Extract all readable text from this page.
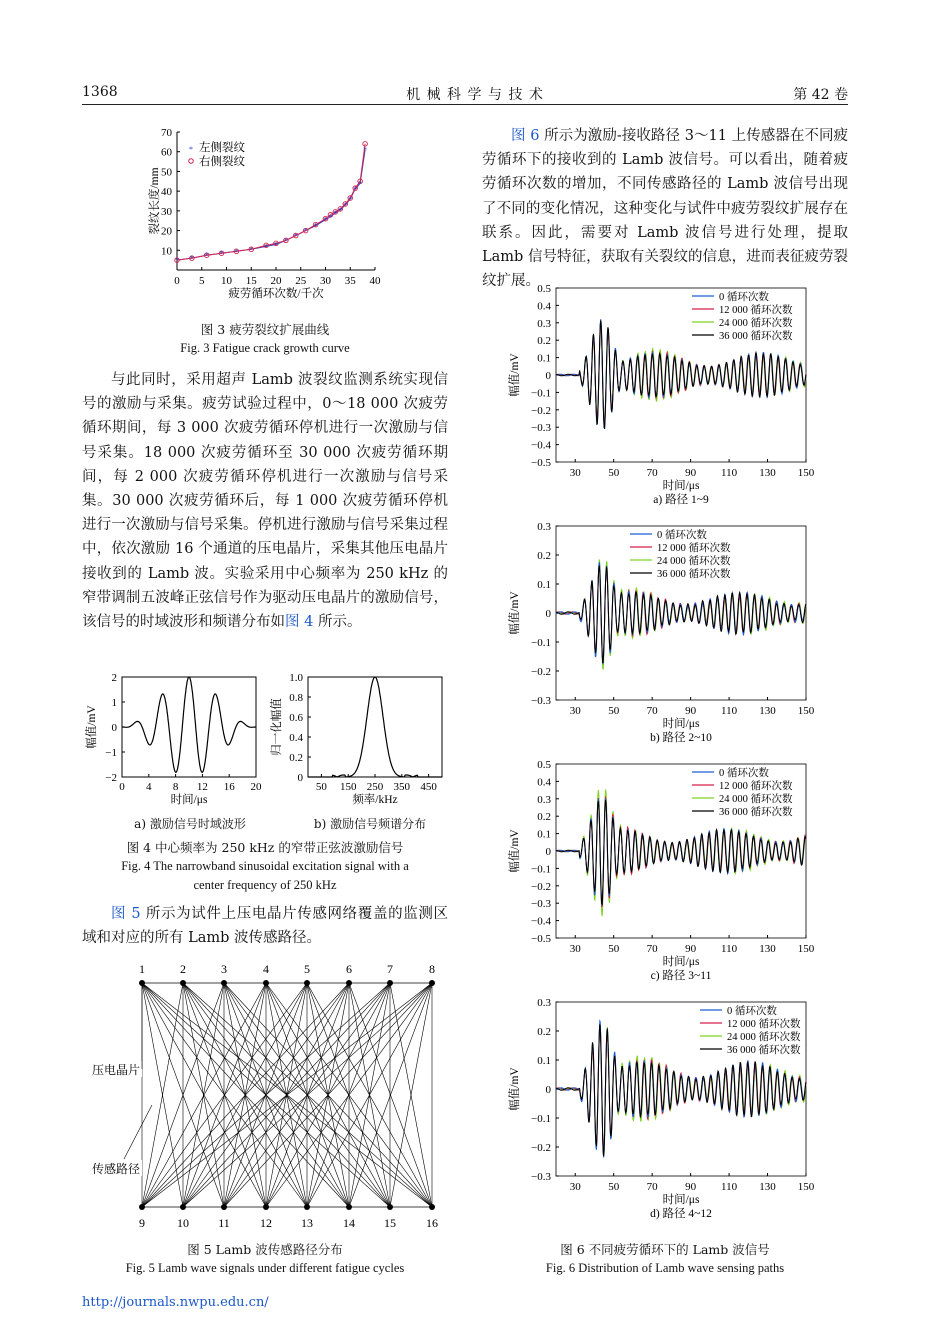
1368	机 械 科 学 与 技 术	第 42 卷
0 5 10 15 20 25 30 35 40
10
20
30
40
50
60
70
疲劳循环次数/千次
裂纹长度/mm
* * * * * * * * *
*
*
*
* * * *
*
*
*
*
*
* 左侧裂纹
右侧裂纹
图 3 疲劳裂纹扩展曲线
Fig. 3 Fatigue crack growth curve
与此同时，采用超声 Lamb 波裂纹监测系统实现信号的激励与采集。疲劳试验过程中，0～18 000 次疲劳循环期间，每 3 000 次疲劳循环停机进行一次激励与信号采集。18 000 次疲劳循环至 30 000 次疲劳循环期间，每 2 000 次疲劳循环停机进行一次激励与信号采集。30 000 次疲劳循环后，每 1 000 次疲劳循环停机进行一次激励与信号采集。停机进行激励与信号采集过程中，依次激励 16 个通道的压电晶片，采集其他压电晶片接收到的 Lamb 波。实验采用中心频率为 250 kHz 的窄带调制五波峰正弦信号作为驱动压电晶片的激励信号，该信号的时域波形和频谱分布如图 4 所示。
0 4 8 12 16 20
−2
−1
0
1
2
时间/μs
幅值/mV
50 150 250 350 450
0
0.2
0.4
0.6
0.8
1.0
频率/kHz
归一化幅值
a) 激励信号时域波形	b) 激励信号频谱分布
图 4 中心频率为 250 kHz 的窄带正弦波激励信号
Fig. 4 The narrowband sinusoidal excitation signal with a
center frequency of 250 kHz
图 5 所示为试件上压电晶片传感网络覆盖的监测区域和对应的所有 Lamb 波传感路径。
1
9
2
10
3
11
4
12
5
13
6
14
7
15
8
16
压电晶片
传感路径
图 5 Lamb 波传感路径分布
Fig. 5 Lamb wave signals under different fatigue cycles
图 6 所示为激励-接收路径 3～11 上传感器在不同疲劳循环下的接收到的 Lamb 波信号。可以看出，随着疲劳循环次数的增加，不同传感路径的 Lamb 波信号出现了不同的变化情况，这种变化与试件中疲劳裂纹扩展存在联系。因此，需要对 Lamb 波信号进行处理，提取 Lamb 信号特征，获取有关裂纹的信息，进而表征疲劳裂纹扩展。
30 50 70 90 110 130 150
−0.5
−0.4
−0.3
−0.2
−0.1
0
0.1
0.2
0.3
0.4
0.5
时间/μs
幅值/mV
a) 路径 1~9
0 循环次数
12 000 循环次数
24 000 循环次数
36 000 循环次数
30 50 70 90 110 130 150
−0.3
−0.2
−0.1
0
0.1
0.2
0.3
时间/μs
幅值/mV
b) 路径 2~10
0 循环次数
12 000 循环次数
24 000 循环次数
36 000 循环次数
30 50 70 90 110 130 150
−0.5
−0.4
−0.3
−0.2
−0.1
0
0.1
0.2
0.3
0.4
0.5
时间/μs
幅值/mV
c) 路径 3~11
0 循环次数
12 000 循环次数
24 000 循环次数
36 000 循环次数
30 50 70 90 110 130 150
−0.3
−0.2
−0.1
0
0.1
0.2
0.3
时间/μs
幅值/mV
d) 路径 4~12
0 循环次数
12 000 循环次数
24 000 循环次数
36 000 循环次数
图 6 不同疲劳循环下的 Lamb 波信号
Fig. 6 Distribution of Lamb wave sensing paths
http://journals.nwpu.edu.cn/
